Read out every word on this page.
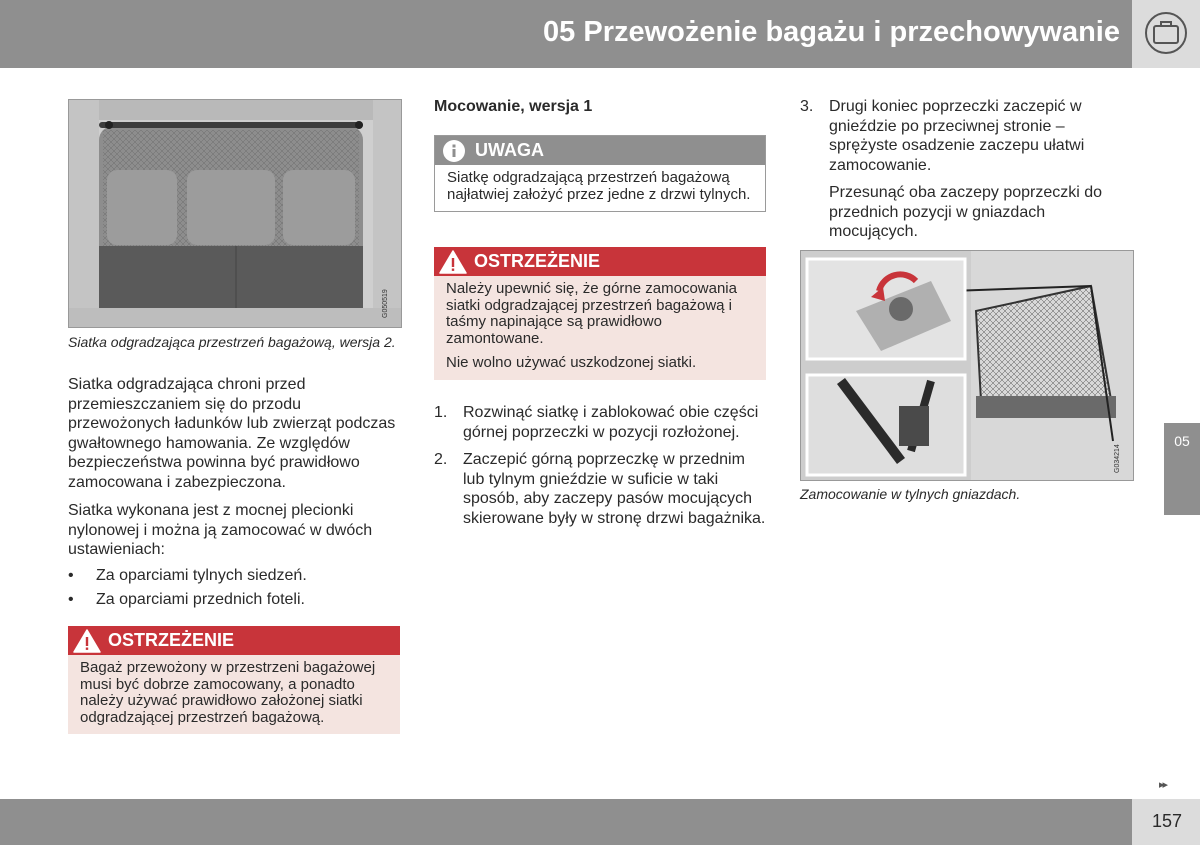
05 Przewożenie bagażu i przechowywanie
05
G050519
Siatka odgradzająca przestrzeń bagażową, wersja 2.
Siatka odgradzająca chroni przed przemieszczaniem się do przodu przewożonych ładunków lub zwierząt podczas gwałtownego hamowania. Ze względów bezpieczeństwa powinna być prawidłowo zamocowana i zabezpieczona.
Siatka wykonana jest z mocnej plecionki nylonowej i można ją zamocować w dwóch ustawieniach:
• Za oparciami tylnych siedzeń.
• Za oparciami przednich foteli.
OSTRZEŻENIE

Bagaż przewożony w przestrzeni bagażowej musi być dobrze zamocowany, a ponadto należy używać prawidłowo założonej siatki odgradzającej przestrzeń bagażową.

Mocowanie, wersja 1
UWAGA

Siatkę odgradzającą przestrzeń bagażową najłatwiej założyć przez jedne z drzwi tylnych.

OSTRZEŻENIE

Należy upewnić się, że górne zamocowania siatki odgradzającej przestrzeń bagażową i taśmy napinające są prawidłowo zamontowane.

Nie wolno używać uszkodzonej siatki.

1. Rozwinąć siatkę i zablokować obie części górnej poprzeczki w pozycji rozłożonej.
2. Zaczepić górną poprzeczkę w przednim lub tylnym gnieździe w suficie w taki sposób, aby zaczepy pasów mocujących skierowane były w stronę drzwi bagażnika.
3. Drugi koniec poprzeczki zaczepić w gnieździe po przeciwnej stronie – sprężyste osadzenie zaczepu ułatwi zamocowanie.
Przesunąć oba zaczepy poprzeczki do przednich pozycji w gniazdach mocujących.
G034214
Zamocowanie w tylnych gniazdach.
▸▸
157
